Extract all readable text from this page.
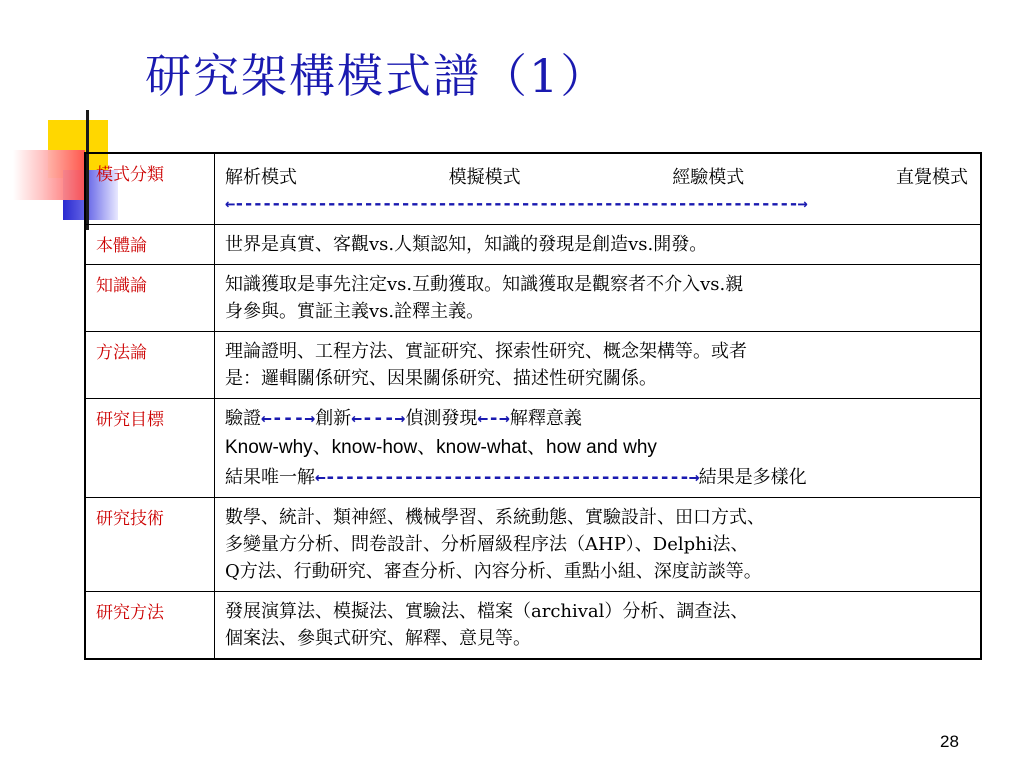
研究架構模式譜（1）
模式分類	解析模式 模擬模式 經驗模式 直覺模式
←-------------------------------------------------------------→

本體論	世界是真實、客觀vs.人類認知，知識的發現是創造vs.開發。

知識論	知識獲取是事先注定vs.互動獲取。知識獲取是觀察者不介入vs.親
身參與。實証主義vs.詮釋主義。

方法論	理論證明、工程方法、實証研究、探索性研究、概念架構等。或者
是：邏輯關係研究、因果關係研究、描述性研究關係。

研究目標	驗證←---→創新←---→偵測發現←-→解釋意義
Know-why、know-how、know-what、how and why
結果唯一解←-------------------------------------→結果是多樣化

研究技術	數學、統計、類神經、機械學習、系統動態、實驗設計、田口方式、
多變量方分析、問卷設計、分析層級程序法（AHP）、Delphi法、
Q方法、行動研究、審查分析、內容分析、重點小組、深度訪談等。

研究方法	發展演算法、模擬法、實驗法、檔案（archival）分析、調查法、
個案法、參與式研究、解釋、意見等。
28
